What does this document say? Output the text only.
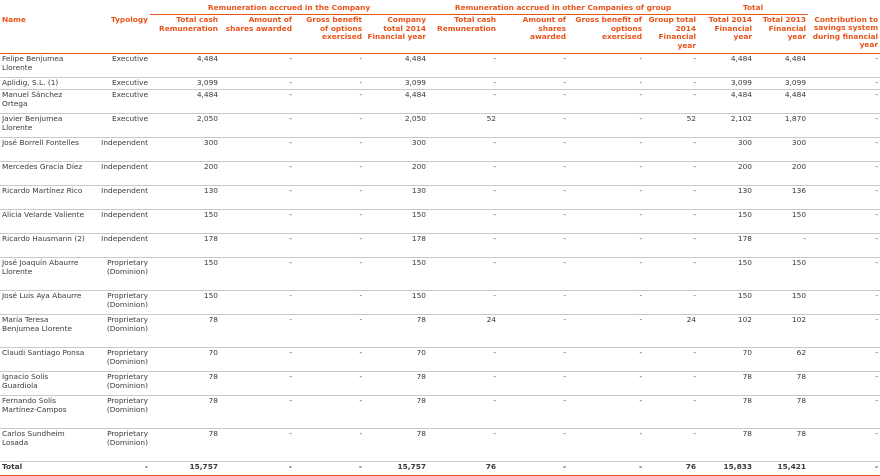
		Remuneration accrued in the Company				Remuneration accrued in other Companies of group				Total		
Name	Typology	Total cash Remuneration	Amount of shares awarded	Gross benefit of options exercised	Company total 2014 Financial year	Total cash Remuneration	Amount of shares awarded	Gross benefit of options exercised	Group total 2014 Financial year	Total 2014 Financial year	Total 2013 Financial year	Contribution to savings system during financial year
Felipe Benjumea Llorente	Executive	4,484	-	-	4,484	-	-	-	-	4,484	4,484	-
Aplidig, S.L. (1)	Executive	3,099	-	-	3,099	-	-	-	-	3,099	3,099	-
Manuel Sánchez Ortega	Executive	4,484	-	-	4,484	-	-	-	-	4,484	4,484	-
Javier Benjumea Llorente	Executive	2,050	-	-	2,050	52	-	-	52	2,102	1,870	-
José Borrell Fontelles	Independent	300	-	-	300	-	-	-	-	300	300	-
Mercedes Gracia Díez	Independent	200	-	-	200	-	-	-	-	200	200	-
Ricardo Martínez Rico	Independent	130	-	-	130	-	-	-	-	130	136	-
Alicia Velarde Valiente	Independent	150	-	-	150	-	-	-	-	150	150	-
Ricardo Hausmann (2)	Independent	178	-	-	178	-	-	-	-	178	-	-
José Joaquín Abaurre Llorente	Proprietary (Dominion)	150	-	-	150	-	-	-	-	150	150	-
José Luis Aya Abaurre	Proprietary (Dominion)	150	-	-	150	-	-	-	-	150	150	-
María Teresa Benjumea Llorente	Proprietary (Dominion)	78	-	-	78	24	-	-	24	102	102	-
Claudi Santiago Ponsa	Proprietary (Dominion)	70	-	-	70	-	-	-	-	70	62	-
Ignacio Solís Guardiola	Proprietary (Dominion)	78	-	-	78	-	-	-	-	78	78	-
Fernando Solís Martínez-Campos	Proprietary (Dominion)	78	-	-	78	-	-	-	-	78	78	-
Carlos Sundheim Losada	Proprietary (Dominion)	78	-	-	78	-	-	-	-	78	78	-
Total	-	15,757	-	-	15,757	76	-	-	76	15,833	15,421	-
